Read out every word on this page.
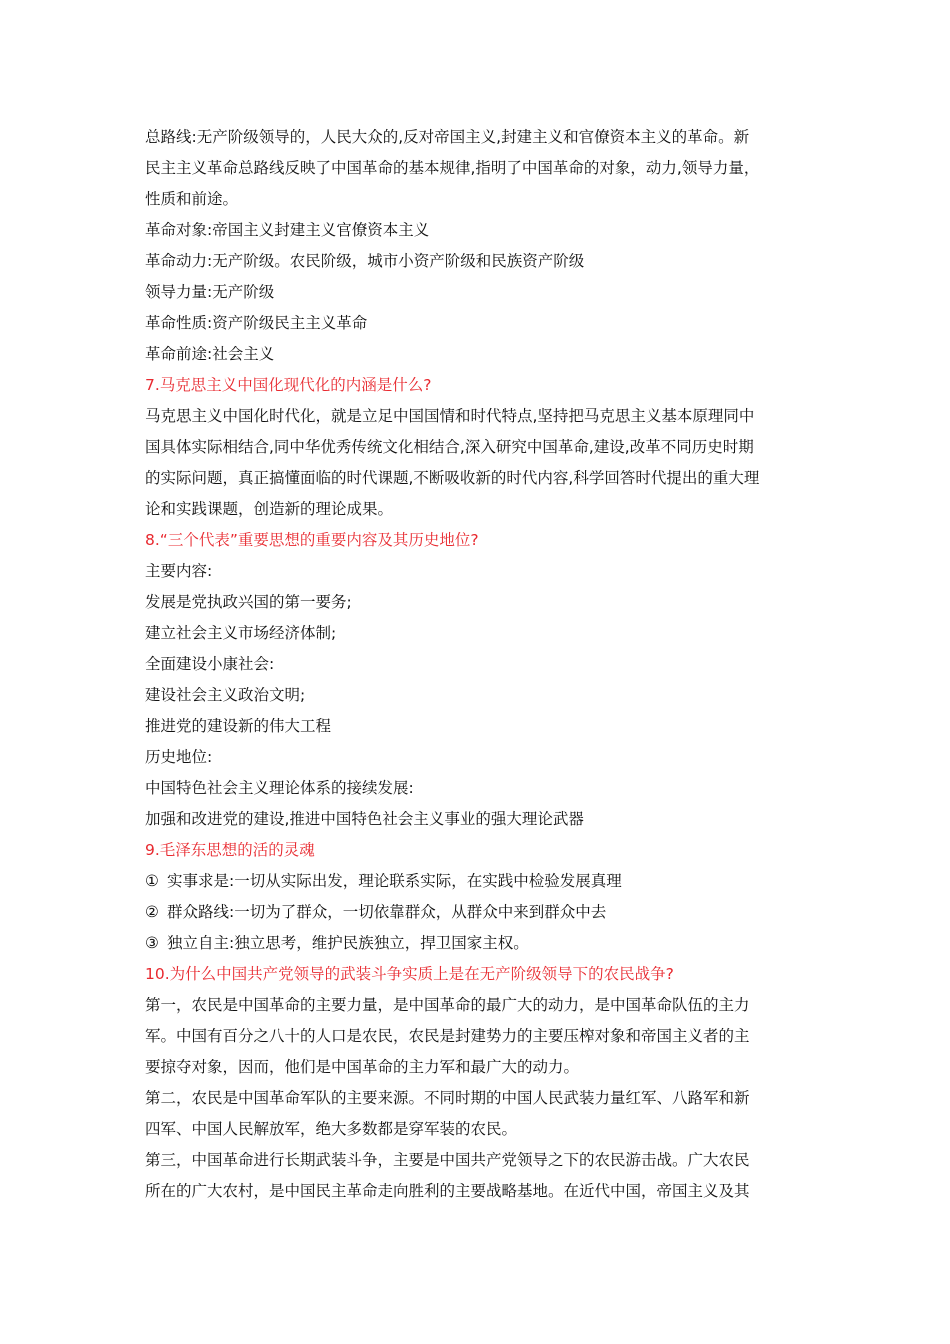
总路线:无产阶级领导的，人民大众的,反对帝国主义,封建主义和官僚资本主义的革命。新
民主主义革命总路线反映了中国革命的基本规律,指明了中国革命的对象，动力,领导力量，
性质和前途。
革命对象:帝国主义封建主义官僚资本主义
革命动力:无产阶级。农民阶级，城市小资产阶级和民族资产阶级
领导力量:无产阶级
革命性质:资产阶级民主主义革命
革命前途:社会主义
7.马克思主义中国化现代化的内涵是什么?
马克思主义中国化时代化，就是立足中国国情和时代特点,坚持把马克思主义基本原理同中
国具体实际相结合,同中华优秀传统文化相结合,深入研究中国革命,建设,改革不同历史时期
的实际问题，真正搞懂面临的时代课题,不断吸收新的时代内容,科学回答时代提出的重大理
论和实践课题，创造新的理论成果。
8.“三个代表”重要思想的重要内容及其历史地位?
主要内容:
发展是党执政兴国的第一要务;
建立社会主义市场经济体制;
全面建设小康社会:
建设社会主义政治文明;
推进党的建设新的伟大工程
历史地位:
中国特色社会主义理论体系的接续发展:
加强和改进党的建设,推进中国特色社会主义事业的强大理论武器
9.毛泽东思想的活的灵魂
① 实事求是:一切从实际出发，理论联系实际，在实践中检验发展真理
② 群众路线:一切为了群众，一切依靠群众，从群众中来到群众中去
③ 独立自主:独立思考，维护民族独立，捍卫国家主权。
10.为什么中国共产党领导的武装斗争实质上是在无产阶级领导下的农民战争?
第一，农民是中国革命的主要力量，是中国革命的最广大的动力，是中国革命队伍的主力
军。中国有百分之八十的人口是农民，农民是封建势力的主要压榨对象和帝国主义者的主
要掠夺对象，因而，他们是中国革命的主力军和最广大的动力。
第二，农民是中国革命军队的主要来源。不同时期的中国人民武装力量红军、八路军和新
四军、中国人民解放军，绝大多数都是穿军装的农民。
第三，中国革命进行长期武装斗争，主要是中国共产党领导之下的农民游击战。广大农民
所在的广大农村，是中国民主革命走向胜利的主要战略基地。在近代中国，帝国主义及其
